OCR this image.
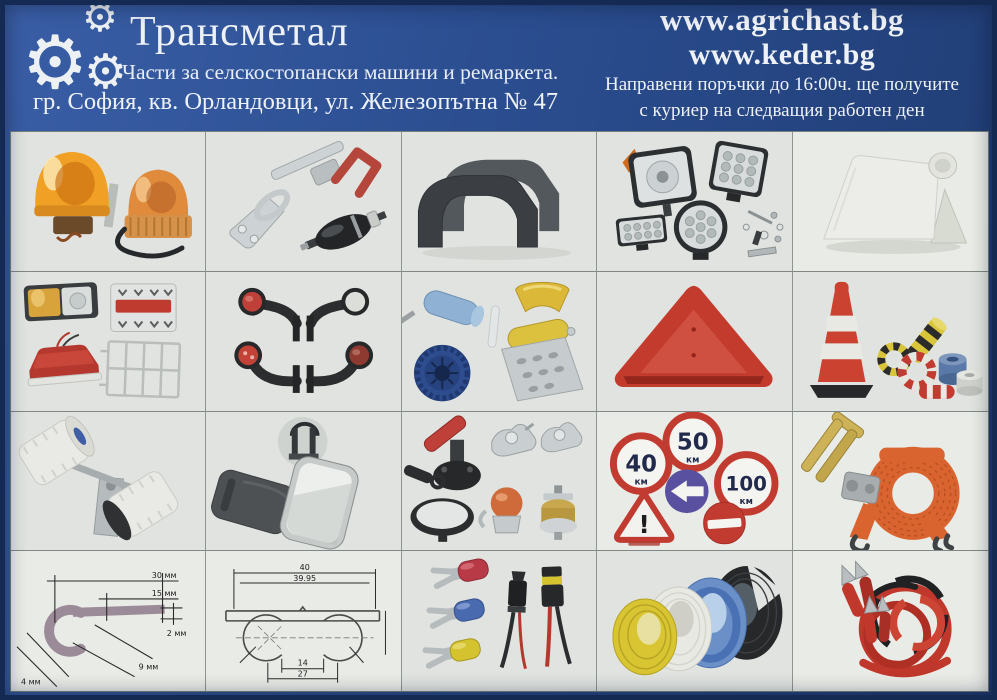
⚙
⚙
⚙
Трансметал
Части за селскостопански машини и ремаркета.
гр. София, кв. Орландовци, ул. Железопътна № 47
www.agrichast.bg
www.keder.bg
Направени поръчки до 16:00ч. ще получите
с куриер на следващия работен ден
50
км
40
км	100
км
!
30 мм
15 мм
2 мм
9 мм
4 мм
40
39.95
14
27
